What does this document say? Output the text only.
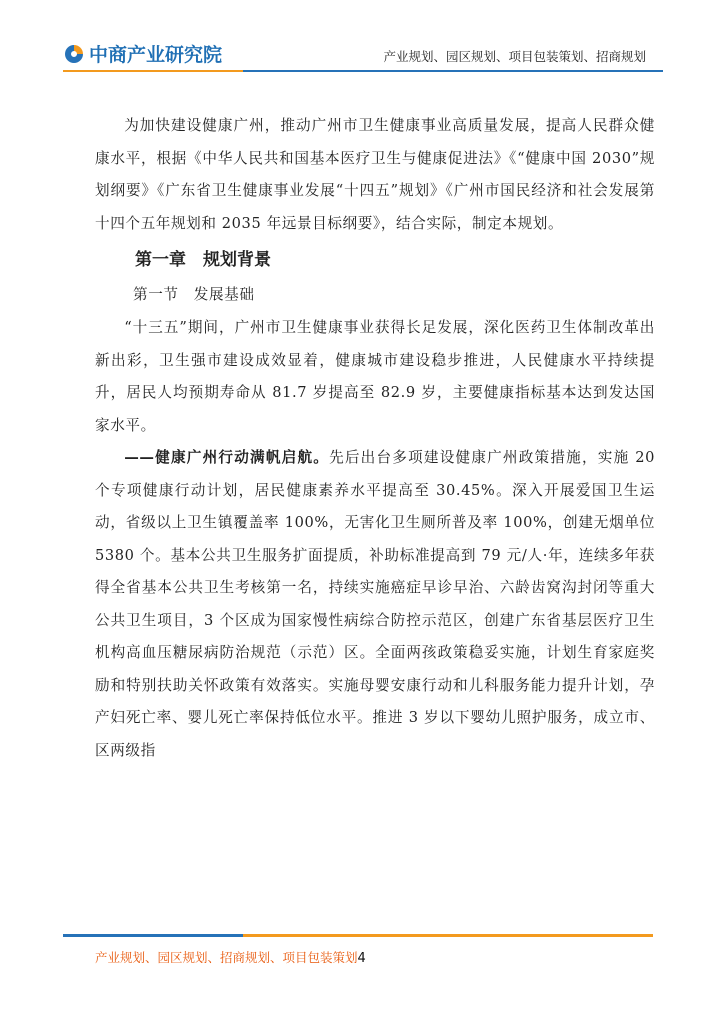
中商产业研究院	产业规划、园区规划、项目包装策划、招商规划

为加快建设健康广州，推动广州市卫生健康事业高质量发展，提高人民群众健康水平，根据《中华人民共和国基本医疗卫生与健康促进法》《“健康中国 2030”规划纲要》《广东省卫生健康事业发展“十四五”规划》《广州市国民经济和社会发展第十四个五年规划和 2035 年远景目标纲要》，结合实际，制定本规划。

第一章　规划背景
第一节　发展基础

“十三五”期间，广州市卫生健康事业获得长足发展，深化医药卫生体制改革出新出彩，卫生强市建设成效显着，健康城市建设稳步推进，人民健康水平持续提升，居民人均预期寿命从 81.7 岁提高至 82.9 岁，主要健康指标基本达到发达国家水平。

——健康广州行动满帆启航。先后出台多项建设健康广州政策措施，实施 20 个专项健康行动计划，居民健康素养水平提高至 30.45%。深入开展爱国卫生运动，省级以上卫生镇覆盖率 100%，无害化卫生厕所普及率 100%，创建无烟单位 5380 个。基本公共卫生服务扩面提质，补助标准提高到 79 元/人·年，连续多年获得全省基本公共卫生考核第一名，持续实施癌症早诊早治、六龄齿窝沟封闭等重大公共卫生项目，3 个区成为国家慢性病综合防控示范区，创建广东省基层医疗卫生机构高血压糖尿病防治规范（示范）区。全面两孩政策稳妥实施，计划生育家庭奖励和特别扶助关怀政策有效落实。实施母婴安康行动和儿科服务能力提升计划，孕产妇死亡率、婴儿死亡率保持低位水平。推进 3 岁以下婴幼儿照护服务，成立市、区两级指

产业规划、园区规划、招商规划、项目包装策划4
